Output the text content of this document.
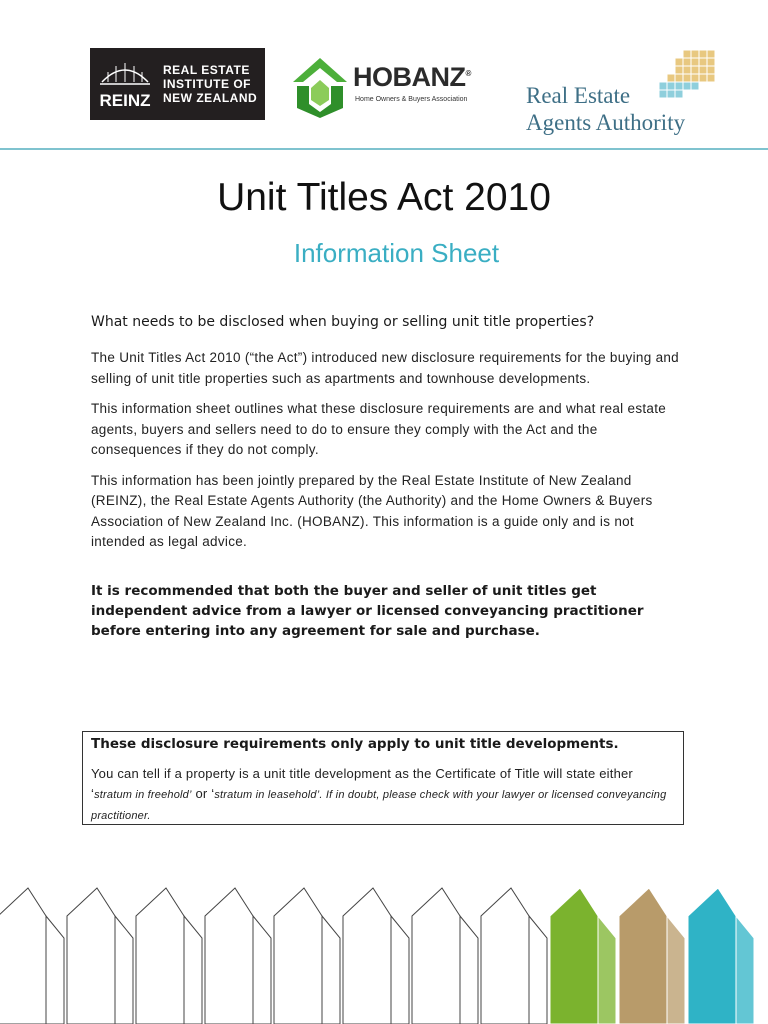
REINZ
REAL ESTATE
INSTITUTE OF
NEW ZEALAND
HOBANZ®
Home Owners & Buyers Association	Real Estate
Agents Authority
Unit Titles Act 2010
Information Sheet

What needs to be disclosed when buying or selling unit title properties?

The Unit Titles Act 2010 (“the Act”) introduced new disclosure requirements for the buying and selling of unit title properties such as apartments and townhouse developments.

This information sheet outlines what these disclosure requirements are and what real estate agents, buyers and sellers need to do to ensure they comply with the Act and the consequences if they do not comply.

This information has been jointly prepared by the Real Estate Institute of New Zealand (REINZ), the Real Estate Agents Authority (the Authority) and the Home Owners & Buyers Association of New Zealand Inc. (HOBANZ). This information is a guide only and is not intended as legal advice.

It is recommended that both the buyer and seller of unit titles get independent advice from a lawyer or licensed conveyancing practitioner before entering into any agreement for sale and purchase.

These disclosure requirements only apply to unit title developments.

You can tell if a property is a unit title development as the Certificate of Title will state either ‘stratum in freehold’ or ‘stratum in leasehold’. If in doubt, please check with your lawyer or licensed conveyancing practitioner.
